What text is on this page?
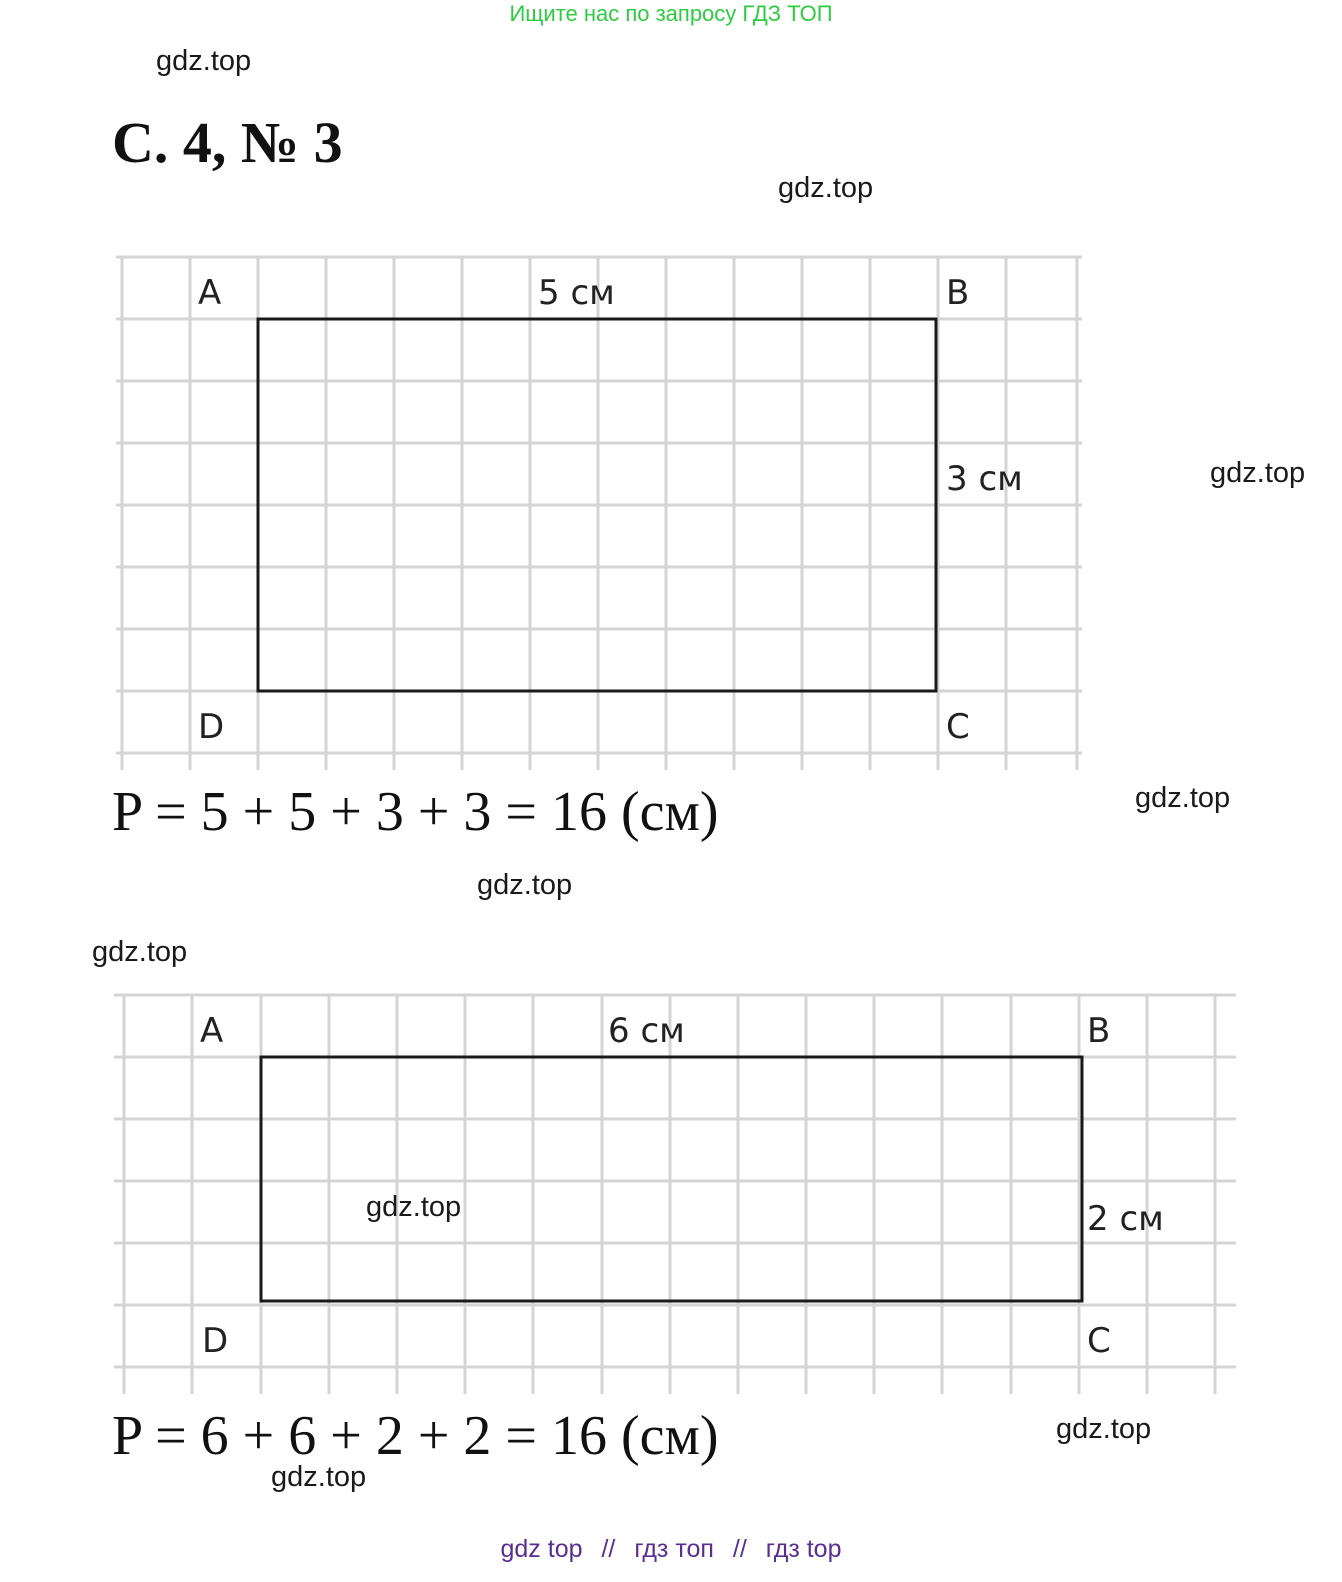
Ищите нас по запросу ГДЗ ТОП
gdz.top
С. 4, № 3
gdz.top
gdz.top
A	B
C
D
5 см
3 см
P = 5 + 5 + 3 + 3 = 16 (см)	gdz.top
gdz.top
gdz.top
A	B
C
D
6 см
2 см
gdz.top
P = 6 + 6 + 2 + 2 = 16 (см)	gdz.top
gdz.top
gdz top // гдз топ // гдз top
